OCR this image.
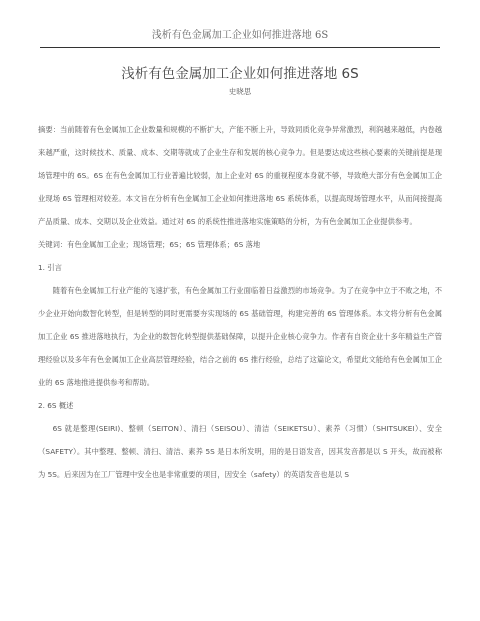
浅析有色金属加工企业如何推进落地 6S
浅析有色金属加工企业如何推进落地 6S
史晓思

摘要：当前随着有色金属加工企业数量和规模的不断扩大，产能不断上升，导致同质化竞争异常激烈，利润越来越低，内卷越来越严重，这时候技术、质量、成本、交期等就成了企业生存和发展的核心竞争力。但是要达成这些核心要素的关键前提是现场管理中的 6S。6S 在有色金属加工行业普遍比较弱，加上企业对 6S 的重视程度本身就不够，导致绝大部分有色金属加工企业现场 6S 管理相对较差。本文旨在分析有色金属加工企业如何推进落地 6S 系统体系，以提高现场管理水平，从而间接提高产品质量、成本、交期以及企业效益。通过对 6S 的系统性推进落地实施策略的分析，为有色金属加工企业提供参考。

关键词：有色金属加工企业；现场管理；6S；6S 管理体系；6S 落地

1. 引言

随着有色金属加工行业产能的飞速扩张，有色金属加工行业面临着日益激烈的市场竞争。为了在竞争中立于不败之地，不少企业开始向数智化转型，但是转型的同时更需要夯实现场的 6S 基础管理，构建完善的 6S 管理体系。本文将分析有色金属加工企业 6S 推进落地执行，为企业的数智化转型提供基础保障，以提升企业核心竞争力。作者有自资企业十多年精益生产管理经验以及多年有色金属加工企业高层管理经验，结合之前的 6S 推行经验，总结了这篇论文，希望此文能给有色金属加工企业的 6S 落地推进提供参考和帮助。

2. 6S 概述

6S 就是整理(SEIRI)、整顿（SEITON）、清扫（SEISOU）、清洁（SEIKETSU）、素养（习惯）（SHITSUKEI）、安全（SAFETY）。其中整理、整顿、清扫、清洁、素养 5S 是日本所发明，用的是日语发音，因其发音都是以 S 开头，故而被称为 5S。后来因为在工厂管理中安全也是非常重要的项目，因安全（safety）的英语发音也是以 S
